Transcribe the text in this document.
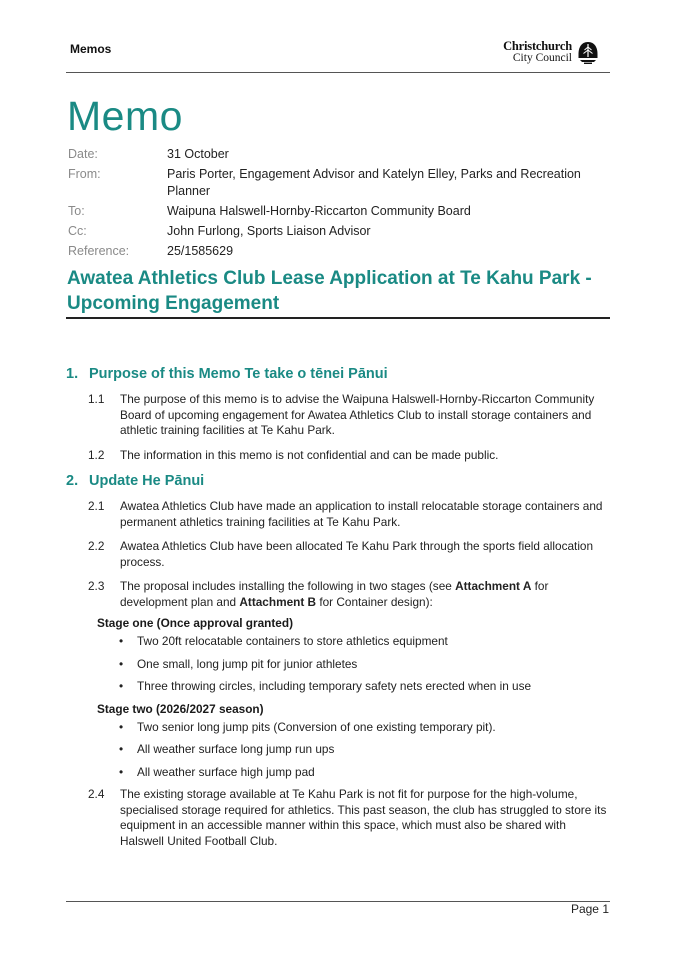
Memos	Christchurch
City Council
Memo
Date:	31 October
From:	Paris Porter, Engagement Advisor and Katelyn Elley, Parks and Recreation Planner
To:	Waipuna Halswell-Hornby-Riccarton Community Board
Cc:	John Furlong, Sports Liaison Advisor
Reference:	25/1585629
Awatea Athletics Club Lease Application at Te Kahu Park - Upcoming Engagement
1. Purpose of this Memo Te take o tēnei Pānui
1.1	The purpose of this memo is to advise the Waipuna Halswell-Hornby-Riccarton Community Board of upcoming engagement for Awatea Athletics Club to install storage containers and athletic training facilities at Te Kahu Park.
1.2	The information in this memo is not confidential and can be made public.
2. Update He Pānui
2.1	Awatea Athletics Club have made an application to install relocatable storage containers and permanent athletics training facilities at Te Kahu Park.
2.2	Awatea Athletics Club have been allocated Te Kahu Park through the sports field allocation process.
2.3	The proposal includes installing the following in two stages (see Attachment A for development plan and Attachment B for Container design):
Stage one (Once approval granted)
• Two 20ft relocatable containers to store athletics equipment
• One small, long jump pit for junior athletes
• Three throwing circles, including temporary safety nets erected when in use
Stage two (2026/2027 season)
• Two senior long jump pits (Conversion of one existing temporary pit).
• All weather surface long jump run ups
• All weather surface high jump pad
2.4	The existing storage available at Te Kahu Park is not fit for purpose for the high-volume, specialised storage required for athletics. This past season, the club has struggled to store its equipment in an accessible manner within this space, which must also be shared with Halswell United Football Club.
Page 1
